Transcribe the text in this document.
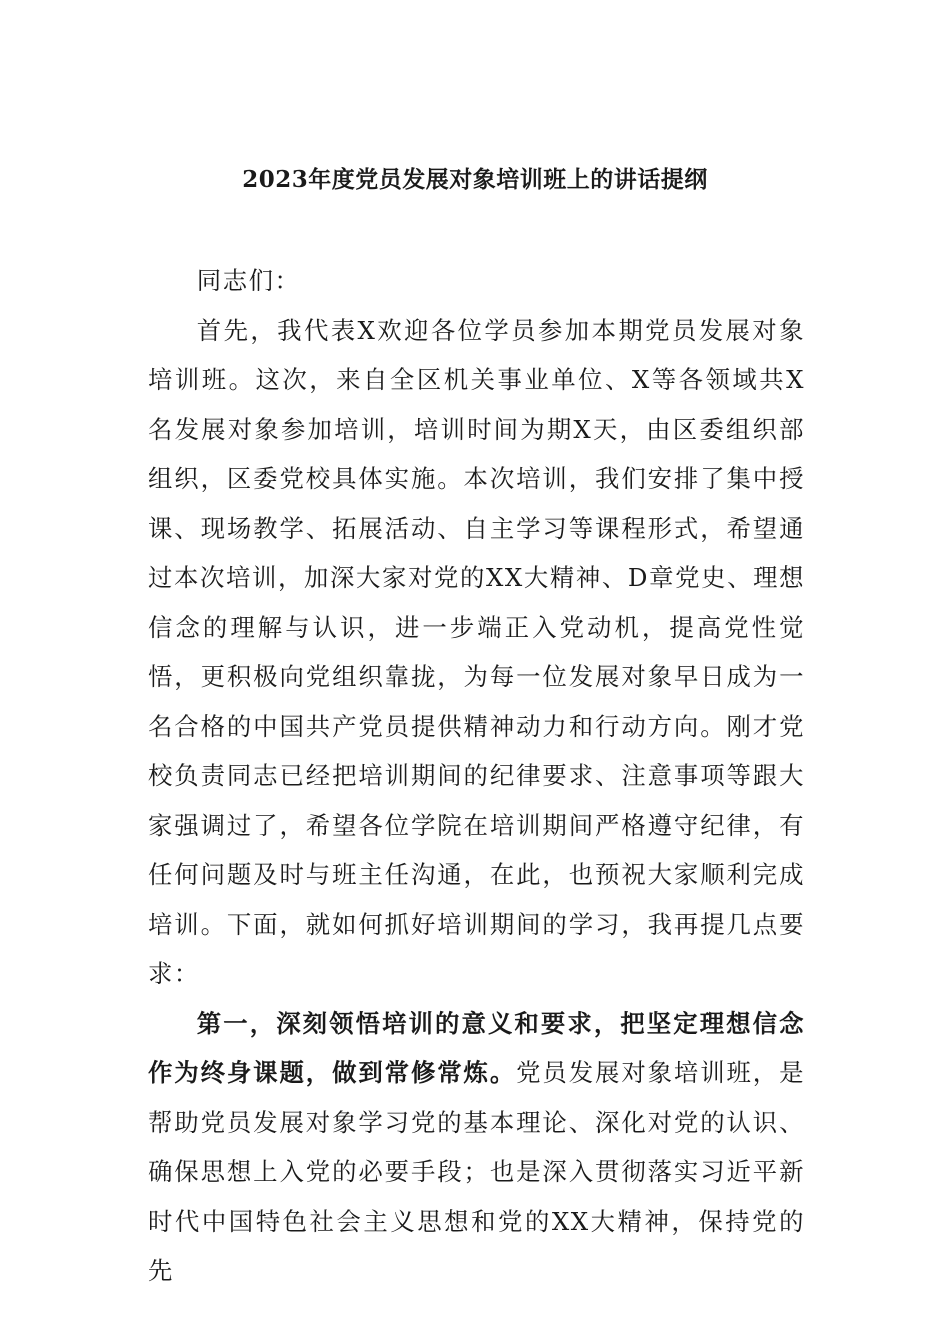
2023年度党员发展对象培训班上的讲话提纲

同志们：

首先，我代表X欢迎各位学员参加本期党员发展对象培训班。这次，来自全区机关事业单位、X等各领域共X名发展对象参加培训，培训时间为期X天，由区委组织部组织，区委党校具体实施。本次培训，我们安排了集中授课、现场教学、拓展活动、自主学习等课程形式，希望通过本次培训，加深大家对党的XX大精神、D章党史、理想信念的理解与认识，进一步端正入党动机，提高党性觉悟，更积极向党组织靠拢，为每一位发展对象早日成为一名合格的中国共产党员提供精神动力和行动方向。刚才党校负责同志已经把培训期间的纪律要求、注意事项等跟大家强调过了，希望各位学院在培训期间严格遵守纪律，有任何问题及时与班主任沟通，在此，也预祝大家顺利完成培训。下面，就如何抓好培训期间的学习，我再提几点要求：

第一，深刻领悟培训的意义和要求，把坚定理想信念作为终身课题，做到常修常炼。党员发展对象培训班，是帮助党员发展对象学习党的基本理论、深化对党的认识、确保思想上入党的必要手段；也是深入贯彻落实习近平新时代中国特色社会主义思想和党的XX大精神，保持党的先
